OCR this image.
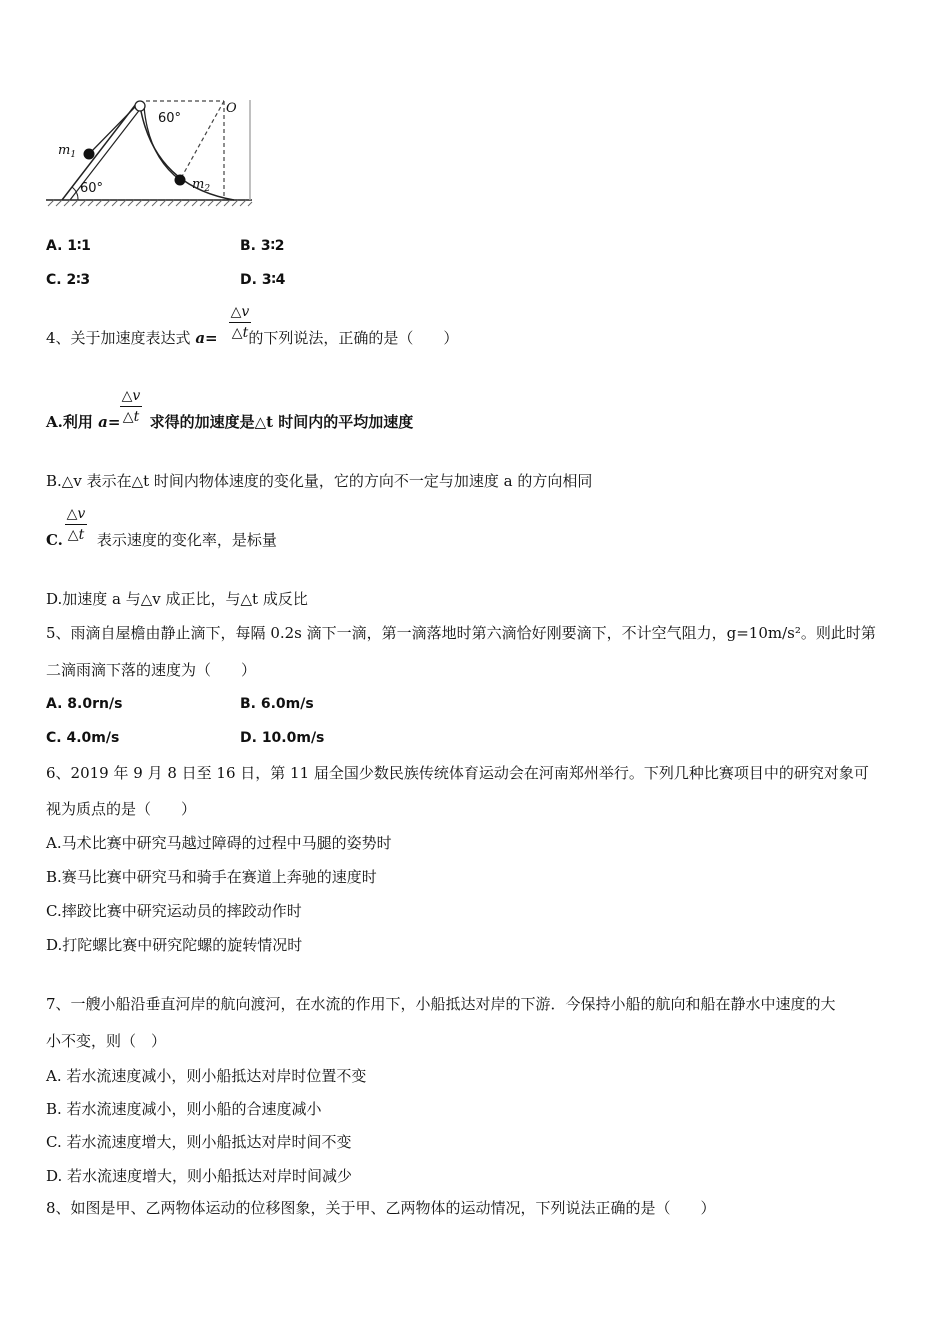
$m_1$
$m_2$
60°
60°
O
A. 1∶1	B. 3∶2
C. 2∶3	D. 3∶4
4、关于加速度表达式 a= 的下列说法，正确的是（　　）
△v
△t
A.利用 a= 求得的加速度是△t 时间内的平均加速度
△v
△t
B.△v 表示在△t 时间内物体速度的变化量，它的方向不一定与加速度 a 的方向相同
C.  表示速度的变化率，是标量
△v
△t
D.加速度 a 与△v 成正比，与△t 成反比
5、雨滴自屋檐由静止滴下，每隔 0.2s 滴下一滴，第一滴落地时第六滴恰好刚要滴下，不计空气阻力，g=10m/s²。则此时第
二滴雨滴下落的速度为（　　）
A. 8.0rn/s	B. 6.0m/s
C. 4.0m/s	D. 10.0m/s
6、2019 年 9 月 8 日至 16 日，第 11 届全国少数民族传统体育运动会在河南郑州举行。下列几种比赛项目中的研究对象可
视为质点的是（　　）
A.马术比赛中研究马越过障碍的过程中马腿的姿势时
B.赛马比赛中研究马和骑手在赛道上奔驰的速度时
C.摔跤比赛中研究运动员的摔跤动作时
D.打陀螺比赛中研究陀螺的旋转情况时
7、一艘小船沿垂直河岸的航向渡河，在水流的作用下，小船抵达对岸的下游．今保持小船的航向和船在静水中速度的大
小不变，则（　）
A. 若水流速度减小，则小船抵达对岸时位置不变
B. 若水流速度减小，则小船的合速度减小
C. 若水流速度增大，则小船抵达对岸时间不变
D. 若水流速度增大，则小船抵达对岸时间减少
8、如图是甲、乙两物体运动的位移图象，关于甲、乙两物体的运动情况，下列说法正确的是（　　）
